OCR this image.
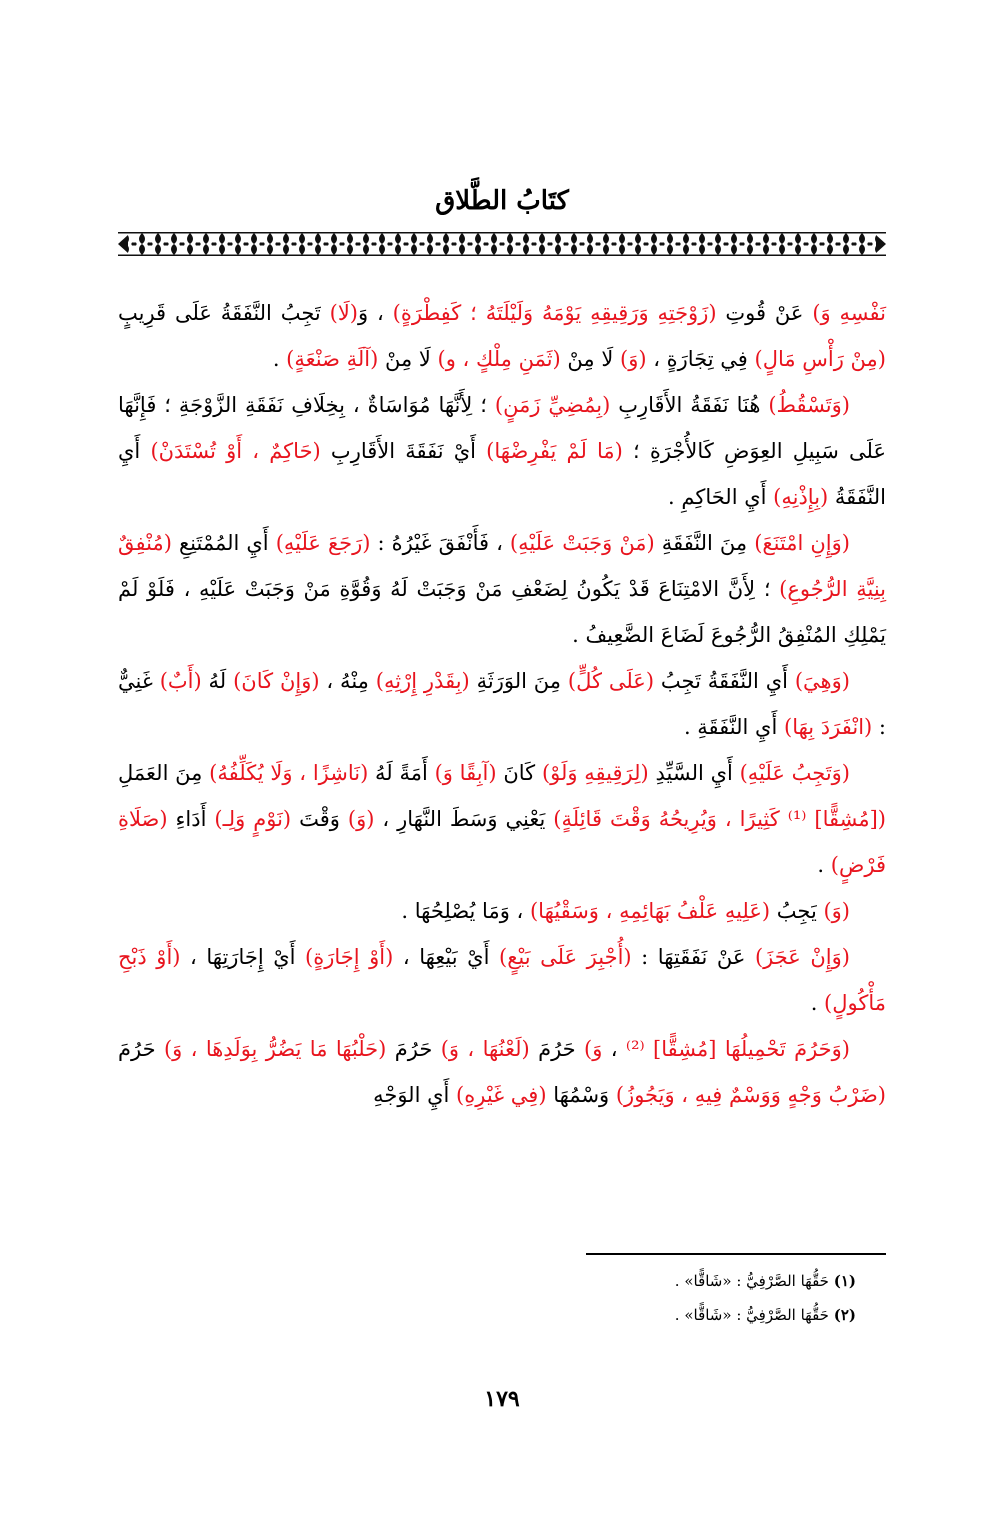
كتَابُ الطَّلاق

نَفْسِهِ وَ) عَنْ قُوتِ (زَوْجَتِهِ وَرَقِيقِهِ يَوْمَهُ وَلَيْلَتَهُ ؛ كَفِطْرَةٍ) ، وَ(لَا) تَجِبُ النَّفَقَةُ عَلَى قَرِيبٍ (مِنْ رَأْسِ مَالٍ) فِي تِجَارَةٍ ، (وَ) لَا مِنْ (ثَمَنِ مِلْكٍ ، و) لَا مِنْ (آلَةِ صَنْعَةٍ) .

(وَتَسْقُطُ) هُنَا نَفَقَةُ الأَقَارِبِ (بِمُضِيِّ زَمَنٍ) ؛ لِأَنَّهَا مُوَاسَاةٌ ، بِخِلَافِ نَفَقَةِ الزَّوْجَةِ ؛ فَإِنَّهَا عَلَى سَبِيلِ العِوَضِ كَالأُجْرَةِ ؛ (مَا لَمْ يَفْرِضْهَا) أَيْ نَفَقَةَ الأَقَارِبِ (حَاكِمٌ ، أَوْ تُسْتَدَنْ) أَيِ النَّفَقَةُ (بِإِذْنِهِ) أَيِ الحَاكِمِ .

(وَإِنِ امْتَنَعَ) مِنَ النَّفَقَةِ (مَنْ وَجَبَتْ عَلَيْهِ) ، فَأَنْفَقَ غَيْرُهُ : (رَجَعَ عَلَيْهِ) أَيِ المُمْتَنِعِ (مُنْفِقٌ بِنِيَّةِ الرُّجُوعِ) ؛ لِأَنَّ الامْتِنَاعَ قَدْ يَكُونُ لِضَعْفِ مَنْ وَجَبَتْ لَهُ وَقُوَّةِ مَنْ وَجَبَتْ عَلَيْهِ ، فَلَوْ لَمْ يَمْلِكِ المُنْفِقُ الرُّجُوعَ لَضَاعَ الضَّعِيفُ .

(وَهِيَ) أَيِ النَّفَقَةُ تَجِبُ (عَلَى كُلٍّ) مِنَ الوَرَثَةِ (بِقَدْرِ إِرْثِهِ) مِنْهُ ، (وَإِنْ كَانَ) لَهُ (أَبٌ) غَنِيٌّ : (انْفَرَدَ بِهَا) أَيِ النَّفَقَةِ .

(وَتَجِبُ عَلَيْهِ) أَيِ السَّيِّدِ (لِرَقِيقِهِ وَلَوْ) كَانَ (آبِقًا وَ) أَمَةً لَهُ (نَاشِزًا ، وَلَا يُكَلِّفُهُ) مِنَ العَمَلِ ([مُشِقًّا] ⁽¹⁾ كَثِيرًا ، وَيُرِيحُهُ وَقْتَ قَائِلَةٍ) يَعْنِي وَسَطَ النَّهَارِ ، (وَ) وَقْتَ (نَوْمٍ وَلِـ) أَدَاءِ (صَلَاةِ فَرْضٍ) .

(وَ) يَجِبُ (عَلِيهِ عَلْفُ بَهَائِمِهِ ، وَسَقْيُهَا) ، وَمَا يُصْلِحُهَا .

(وَإِنْ عَجَزَ) عَنْ نَفَقَتِهَا : (أُجْبِرَ عَلَى بَيْعٍ) أَيْ بَيْعِهَا ، (أَوْ إِجَارَةٍ) أَيْ إِجَارَتِهَا ، (أَوْ ذَبْحِ مَأْكُولٍ) .

(وَحَرُمَ تَحْمِيلُهَا [مُشِقًّا] ⁽²⁾ ، وَ) حَرُمَ (لَعْنُهَا ، وَ) حَرُمَ (حَلْبُهَا مَا يَضُرُّ بِوَلَدِهَا ، وَ) حَرُمَ (ضَرْبُ وَجْهٍ وَوَسْمٌ فِيهِ ، وَيَجُوزُ) وَسْمُهَا (فِي غَيْرِهِ) أَيِ الوَجْهِ

(١) حَقُّهَا الصَّرْفِيُّ : «شَاقًّا» .

(٢) حَقُّهَا الصَّرْفِيُّ : «شَاقًّا» .

١٧٩
